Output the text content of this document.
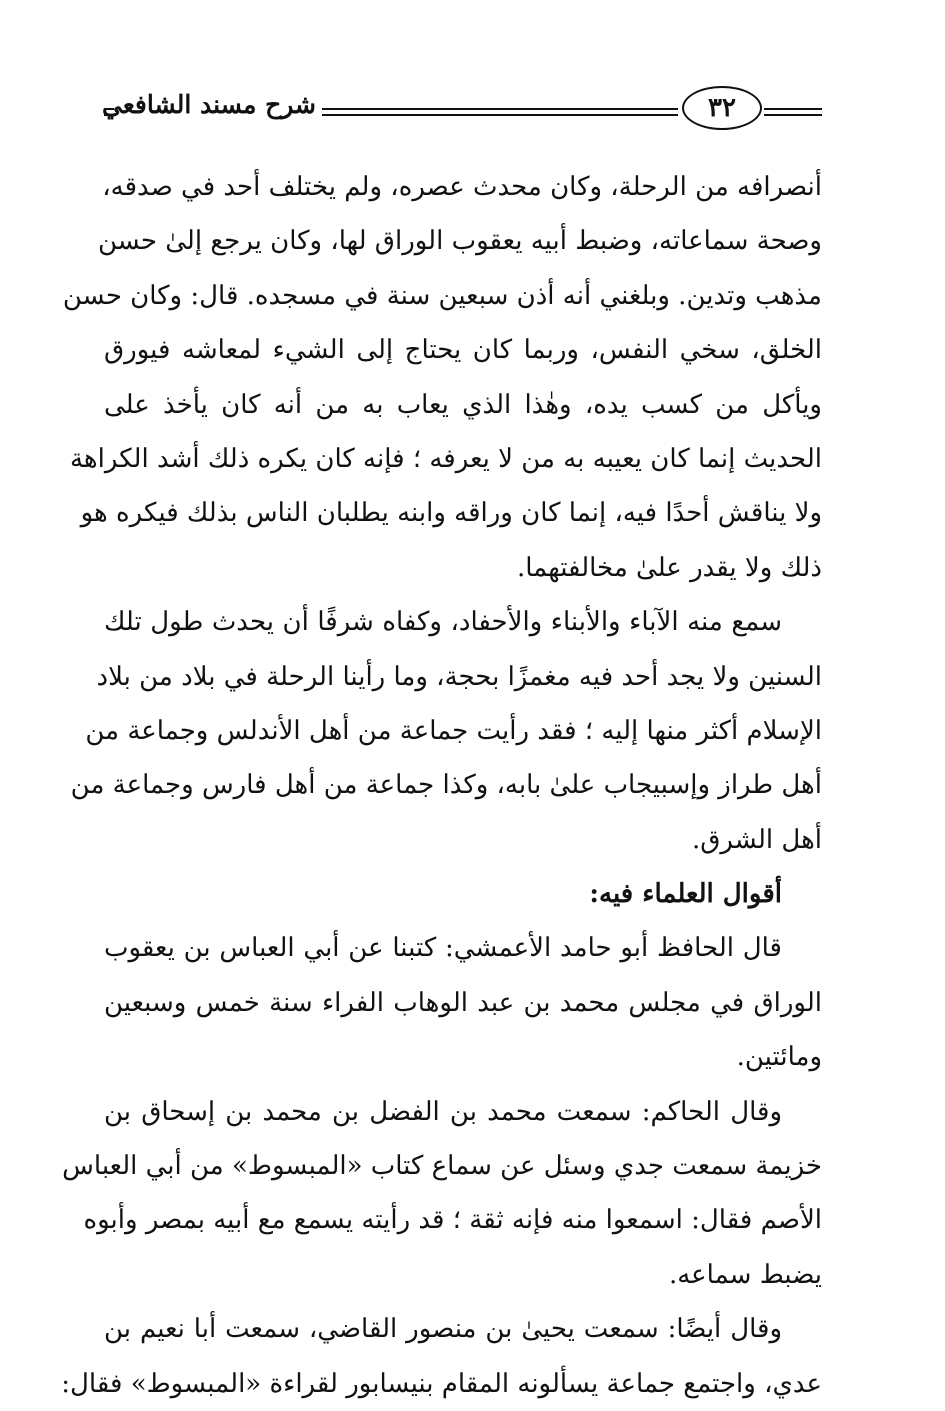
شرح مسند الشافعي	٣٢
أنصرافه من الرحلة، وكان محدث عصره، ولم يختلف أحد في صدقه،
وصحة سماعاته، وضبط أبيه يعقوب الوراق لها، وكان يرجع إلىٰ حسن
مذهب وتدين. وبلغني أنه أذن سبعين سنة في مسجده. قال: وكان حسن
الخلق، سخي النفس، وربما كان يحتاج إلى الشيء لمعاشه فيورق
ويأكل من كسب يده، وهٰذا الذي يعاب به من أنه كان يأخذ على
الحديث إنما كان يعيبه به من لا يعرفه ؛ فإنه كان يكره ذلك أشد الكراهة
ولا يناقش أحدًا فيه، إنما كان وراقه وابنه يطلبان الناس بذلك فيكره هو
ذلك ولا يقدر علىٰ مخالفتهما.
سمع منه الآباء والأبناء والأحفاد، وكفاه شرفًا أن يحدث طول تلك
السنين ولا يجد أحد فيه مغمزًا بحجة، وما رأينا الرحلة في بلاد من بلاد
الإسلام أكثر منها إليه ؛ فقد رأيت جماعة من أهل الأندلس وجماعة من
أهل طراز وإسبيجاب علىٰ بابه، وكذا جماعة من أهل فارس وجماعة من
أهل الشرق.
أقوال العلماء فيه:
قال الحافظ أبو حامد الأعمشي: كتبنا عن أبي العباس بن يعقوب
الوراق في مجلس محمد بن عبد الوهاب الفراء سنة خمس وسبعين
ومائتين.
وقال الحاكم: سمعت محمد بن الفضل بن محمد بن إسحاق بن
خزيمة سمعت جدي وسئل عن سماع كتاب «المبسوط» من أبي العباس
الأصم فقال: اسمعوا منه فإنه ثقة ؛ قد رأيته يسمع مع أبيه بمصر وأبوه
يضبط سماعه.
وقال أيضًا: سمعت يحيىٰ بن منصور القاضي، سمعت أبا نعيم بن
عدي، واجتمع جماعة يسألونه المقام بنيسابور لقراءة «المبسوط» فقال:
